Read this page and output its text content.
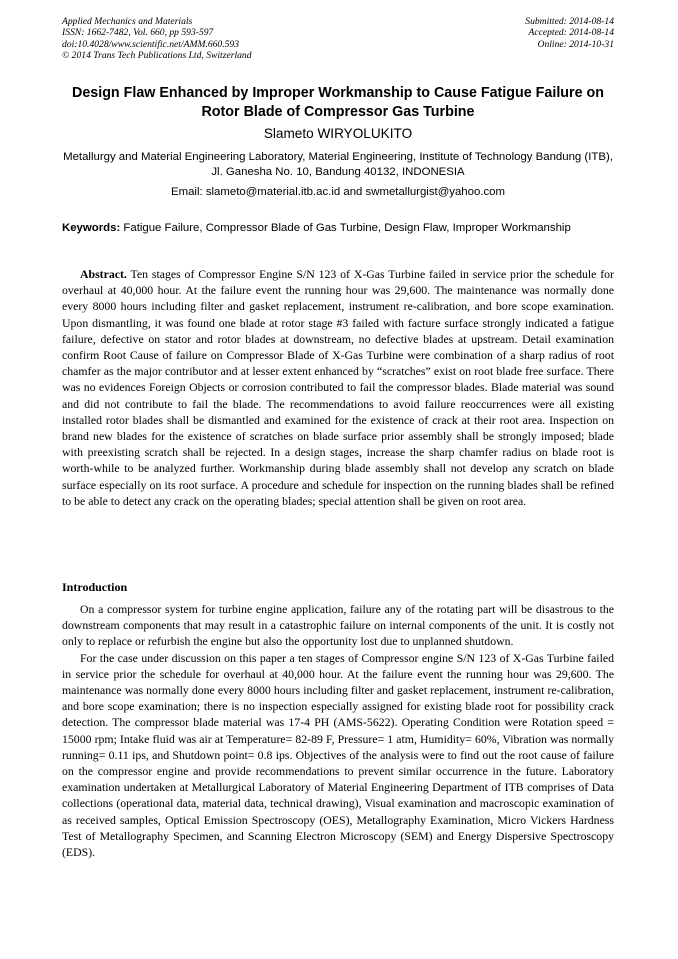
Applied Mechanics and Materials
ISSN: 1662-7482, Vol. 660, pp 593-597
doi:10.4028/www.scientific.net/AMM.660.593
© 2014 Trans Tech Publications Ltd, Switzerland
Submitted: 2014-08-14
Accepted: 2014-08-14
Online: 2014-10-31
Design Flaw Enhanced by Improper Workmanship to Cause Fatigue Failure on Rotor Blade of Compressor Gas Turbine
Slameto WIRYOLUKITO
Metallurgy and Material Engineering Laboratory, Material Engineering, Institute of Technology Bandung (ITB), Jl. Ganesha No. 10, Bandung 40132, INDONESIA
Email: slameto@material.itb.ac.id and swmetallurgist@yahoo.com
Keywords: Fatigue Failure, Compressor Blade of Gas Turbine, Design Flaw, Improper Workmanship

Abstract. Ten stages of Compressor Engine S/N 123 of X-Gas Turbine failed in service prior the schedule for overhaul at 40,000 hour. At the failure event the running hour was 29,600. The maintenance was normally done every 8000 hours including filter and gasket replacement, instrument re-calibration, and bore scope examination. Upon dismantling, it was found one blade at rotor stage #3 failed with facture surface strongly indicated a fatigue failure, defective on stator and rotor blades at downstream, no defective blades at upstream. Detail examination confirm Root Cause of failure on Compressor Blade of X-Gas Turbine were combination of a sharp radius of root chamfer as the major contributor and at lesser extent enhanced by “scratches” exist on root blade free surface. There was no evidences Foreign Objects or corrosion contributed to fail the compressor blades. Blade material was sound and did not contribute to fail the blade. The recommendations to avoid failure reoccurrences were all existing installed rotor blades shall be dismantled and examined for the existence of crack at their root area. Inspection on brand new blades for the existence of scratches on blade surface prior assembly shall be strongly imposed; blade with preexisting scratch shall be rejected. In a design stages, increase the sharp chamfer radius on blade root is worth-while to be analyzed further. Workmanship during blade assembly shall not develop any scratch on blade surface especially on its root surface. A procedure and schedule for inspection on the running blades shall be refined to be able to detect any crack on the operating blades; special attention shall be given on root area.

Introduction

On a compressor system for turbine engine application, failure any of the rotating part will be disastrous to the downstream components that may result in a catastrophic failure on internal components of the unit. It is costly not only to replace or refurbish the engine but also the opportunity lost due to unplanned shutdown.

For the case under discussion on this paper a ten stages of Compressor engine S/N 123 of X-Gas Turbine failed in service prior the schedule for overhaul at 40,000 hour. At the failure event the running hour was 29,600. The maintenance was normally done every 8000 hours including filter and gasket replacement, instrument re-calibration, and bore scope examination; there is no inspection especially assigned for existing blade root for possibility crack detection. The compressor blade material was 17-4 PH (AMS-5622). Operating Condition were Rotation speed = 15000 rpm; Intake fluid was air at Temperature= 82-89 F, Pressure= 1 atm, Humidity= 60%, Vibration was normally running= 0.11 ips, and Shutdown point= 0.8 ips. Objectives of the analysis were to find out the root cause of failure on the compressor engine and provide recommendations to prevent similar occurrence in the future. Laboratory examination undertaken at Metallurgical Laboratory of Material Engineering Department of ITB comprises of Data collections (operational data, material data, technical drawing), Visual examination and macroscopic examination of as received samples, Optical Emission Spectroscopy (OES), Metallography Examination, Micro Vickers Hardness Test of Metallography Specimen, and Scanning Electron Microscopy (SEM) and Energy Dispersive Spectroscopy (EDS).
